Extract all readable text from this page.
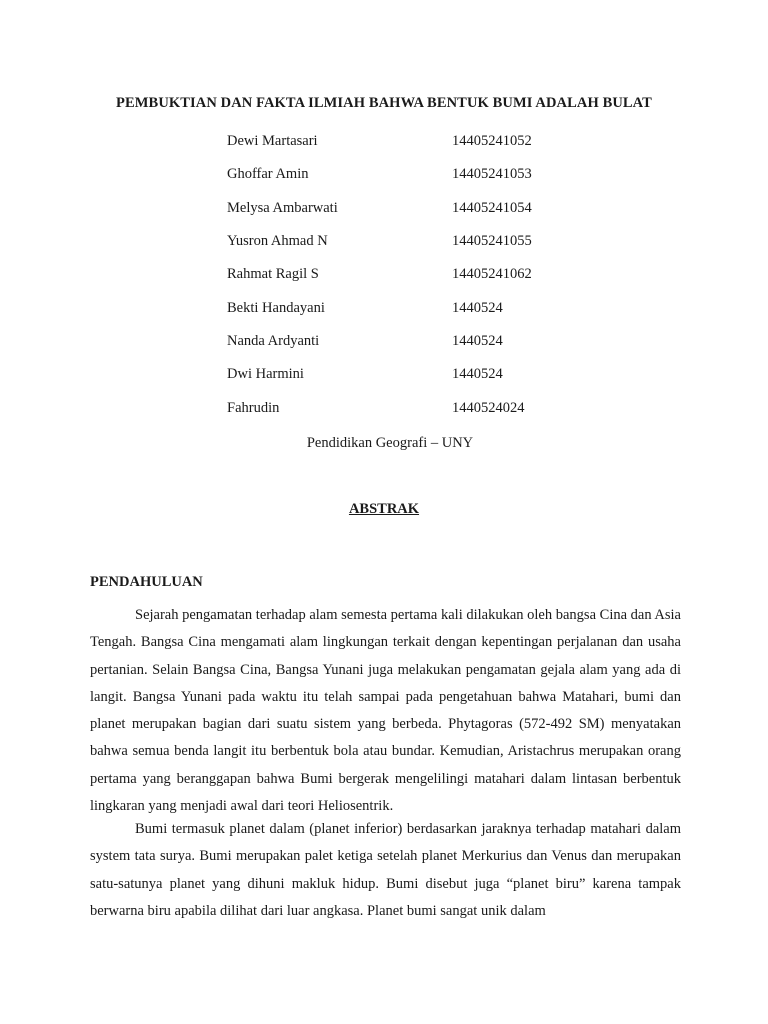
PEMBUKTIAN DAN FAKTA ILMIAH BAHWA BENTUK BUMI ADALAH BULAT
Dewi Martasari	14405241052
Ghoffar Amin	14405241053
Melysa Ambarwati	14405241054
Yusron Ahmad N	14405241055
Rahmat Ragil S	14405241062
Bekti Handayani	1440524
Nanda Ardyanti	1440524
Dwi Harmini	1440524
Fahrudin	1440524024
Pendidikan Geografi – UNY
ABSTRAK
PENDAHULUAN

Sejarah pengamatan terhadap alam semesta pertama kali dilakukan oleh bangsa Cina dan Asia Tengah. Bangsa Cina mengamati alam lingkungan terkait dengan kepentingan perjalanan dan usaha pertanian. Selain Bangsa Cina, Bangsa Yunani juga melakukan pengamatan gejala alam yang ada di langit. Bangsa Yunani pada waktu itu telah sampai pada pengetahuan bahwa Matahari, bumi dan planet merupakan bagian dari suatu sistem yang berbeda. Phytagoras (572-492 SM) menyatakan bahwa semua benda langit itu berbentuk bola atau bundar. Kemudian, Aristachrus merupakan orang pertama yang beranggapan bahwa Bumi bergerak mengelilingi matahari dalam lintasan berbentuk lingkaran yang menjadi awal dari teori Heliosentrik.

Bumi termasuk planet dalam (planet inferior) berdasarkan jaraknya terhadap matahari dalam system tata surya. Bumi merupakan palet ketiga setelah planet Merkurius dan Venus dan merupakan satu-satunya planet yang dihuni makluk hidup. Bumi disebut juga “planet biru” karena tampak berwarna biru apabila dilihat dari luar angkasa. Planet bumi sangat unik dalam
